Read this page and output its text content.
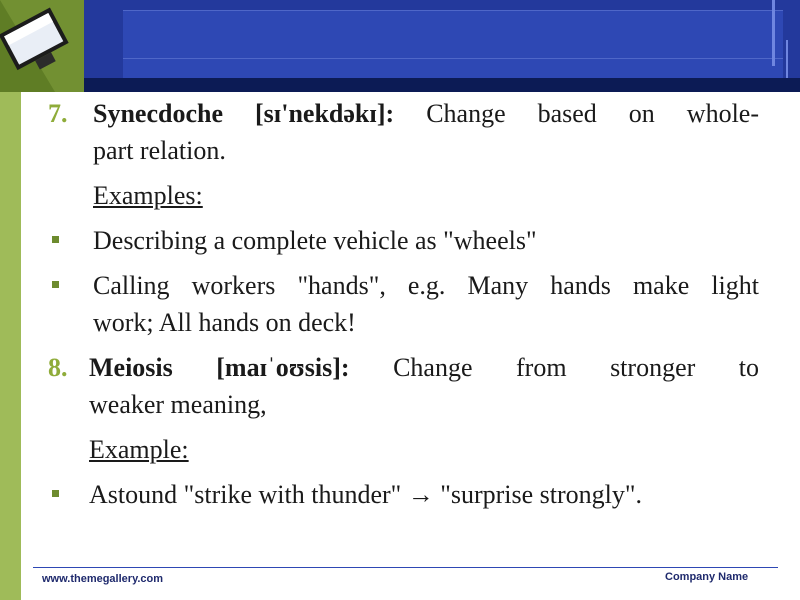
7. Synecdoche [sɪ'nekdəkɪ]: Change based on whole-
part relation.
Examples:
Describing a complete vehicle as "wheels"
Calling workers "hands", e.g. Many hands make light
work; All hands on deck!
8. Meiosis [maɪˈoʊsis]: Change from stronger to
weaker meaning,
Example:
Astound "strike with thunder" → "surprise strongly".
www.themegallery.com	Company Name
